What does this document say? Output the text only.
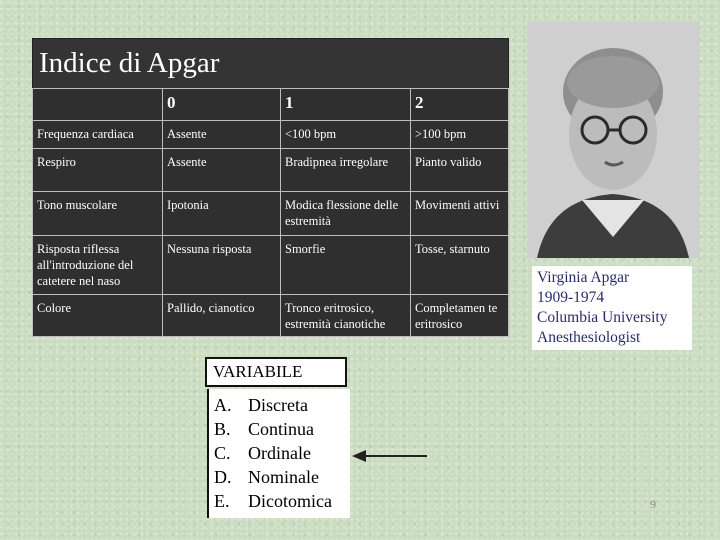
Indice di Apgar
	0	1	2
Frequenza cardiaca	Assente	<100 bpm	>100 bpm
Respiro	Assente	Bradipnea irregolare	Pianto valido
Tono muscolare	Ipotonia	Modica flessione delle estremità	Movimenti attivi
Risposta riflessa all'introduzione del catetere nel naso	Nessuna risposta	Smorfie	Tosse, starnuto
Colore	Pallido, cianotico	Tronco eritrosico, estremità cianotiche	Completamen te eritrosico
Virginia Apgar
1909-1974
Columbia University
Anesthesiologist
VARIABILE
A. Discreta
B. Continua
C. Ordinale
D. Nominale
E. Dicotomica	9
